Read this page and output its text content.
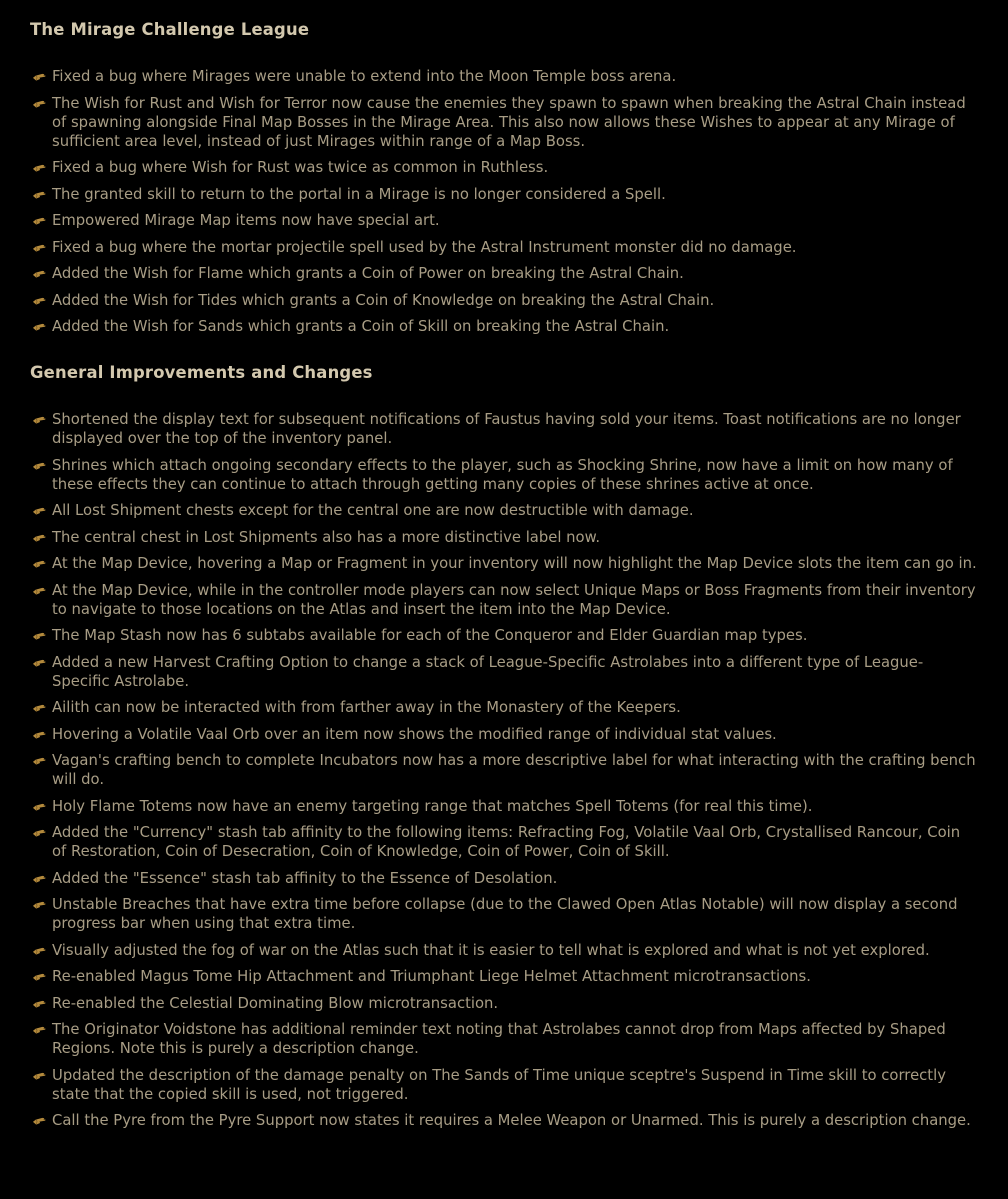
The Mirage Challenge League
Fixed a bug where Mirages were unable to extend into the Moon Temple boss arena.
The Wish for Rust and Wish for Terror now cause the enemies they spawn to spawn when breaking the Astral Chain instead of spawning alongside Final Map Bosses in the Mirage Area. This also now allows these Wishes to appear at any Mirage of sufficient area level, instead of just Mirages within range of a Map Boss.
Fixed a bug where Wish for Rust was twice as common in Ruthless.
The granted skill to return to the portal in a Mirage is no longer considered a Spell.
Empowered Mirage Map items now have special art.
Fixed a bug where the mortar projectile spell used by the Astral Instrument monster did no damage.
Added the Wish for Flame which grants a Coin of Power on breaking the Astral Chain.
Added the Wish for Tides which grants a Coin of Knowledge on breaking the Astral Chain.
Added the Wish for Sands which grants a Coin of Skill on breaking the Astral Chain.
General Improvements and Changes
Shortened the display text for subsequent notifications of Faustus having sold your items. Toast notifications are no longer displayed over the top of the inventory panel.
Shrines which attach ongoing secondary effects to the player, such as Shocking Shrine, now have a limit on how many of these effects they can continue to attach through getting many copies of these shrines active at once.
All Lost Shipment chests except for the central one are now destructible with damage.
The central chest in Lost Shipments also has a more distinctive label now.
At the Map Device, hovering a Map or Fragment in your inventory will now highlight the Map Device slots the item can go in.
At the Map Device, while in the controller mode players can now select Unique Maps or Boss Fragments from their inventory to navigate to those locations on the Atlas and insert the item into the Map Device.
The Map Stash now has 6 subtabs available for each of the Conqueror and Elder Guardian map types.
Added a new Harvest Crafting Option to change a stack of League-Specific Astrolabes into a different type of League-Specific Astrolabe.
Ailith can now be interacted with from farther away in the Monastery of the Keepers.
Hovering a Volatile Vaal Orb over an item now shows the modified range of individual stat values.
Vagan's crafting bench to complete Incubators now has a more descriptive label for what interacting with the crafting bench will do.
Holy Flame Totems now have an enemy targeting range that matches Spell Totems (for real this time).
Added the "Currency" stash tab affinity to the following items: Refracting Fog, Volatile Vaal Orb, Crystallised Rancour, Coin of Restoration, Coin of Desecration, Coin of Knowledge, Coin of Power, Coin of Skill.
Added the "Essence" stash tab affinity to the Essence of Desolation.
Unstable Breaches that have extra time before collapse (due to the Clawed Open Atlas Notable) will now display a second progress bar when using that extra time.
Visually adjusted the fog of war on the Atlas such that it is easier to tell what is explored and what is not yet explored.
Re-enabled Magus Tome Hip Attachment and Triumphant Liege Helmet Attachment microtransactions.
Re-enabled the Celestial Dominating Blow microtransaction.
The Originator Voidstone has additional reminder text noting that Astrolabes cannot drop from Maps affected by Shaped Regions. Note this is purely a description change.
Updated the description of the damage penalty on The Sands of Time unique sceptre's Suspend in Time skill to correctly state that the copied skill is used, not triggered.
Call the Pyre from the Pyre Support now states it requires a Melee Weapon or Unarmed. This is purely a description change.
